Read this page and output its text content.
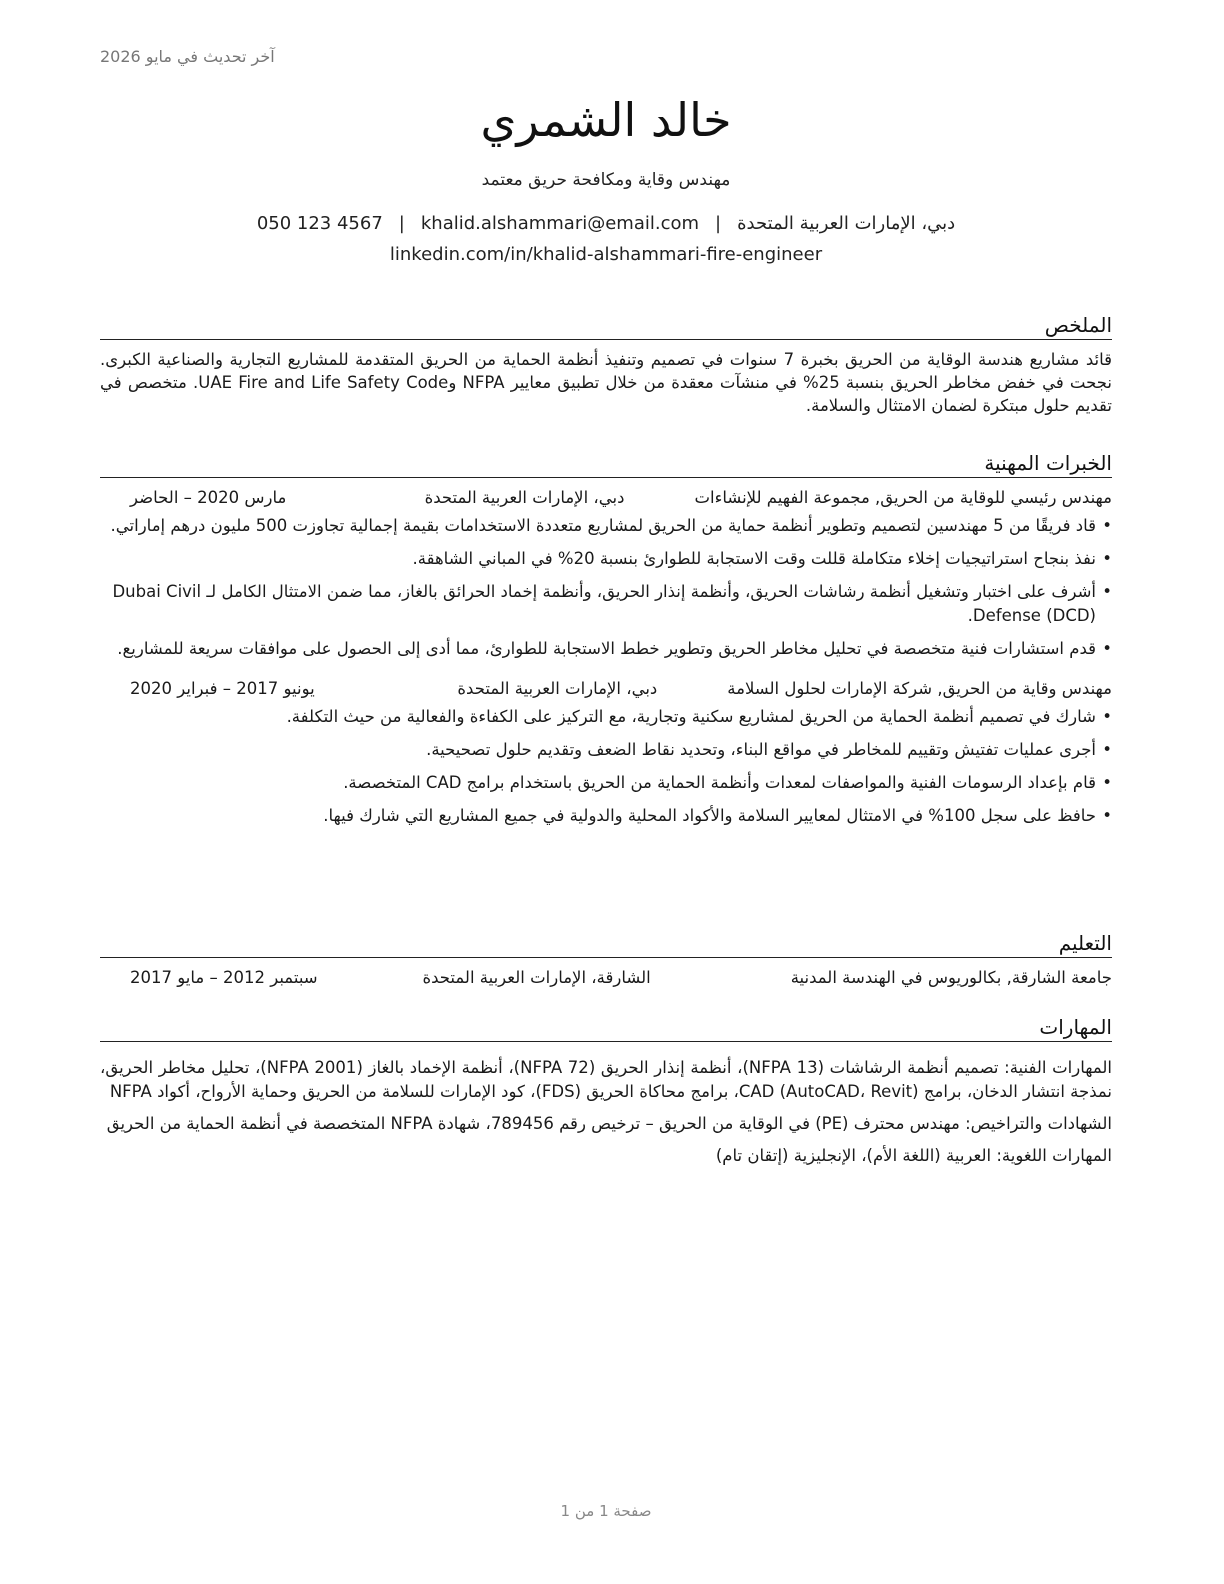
آخر تحديث في مايو 2026
خالد الشمري
مهندس وقاية ومكافحة حريق معتمد
دبي، الإمارات العربية المتحدة|khalid.alshammari@email.com|050 123 4567
linkedin.com/in/khalid-alshammari-fire-engineer
الملخص

قائد مشاريع هندسة الوقاية من الحريق بخبرة 7 سنوات في تصميم وتنفيذ أنظمة الحماية من الحريق المتقدمة للمشاريع التجارية والصناعية الكبرى. نجحت في خفض مخاطر الحريق بنسبة 25% في منشآت معقدة من خلال تطبيق معايير NFPA وUAE Fire and Life Safety Code. متخصص في تقديم حلول مبتكرة لضمان الامتثال والسلامة.

الخبرات المهنية
مهندس رئيسي للوقاية من الحريق, مجموعة الفهيم للإنشاءات
دبي، الإمارات العربية المتحدة
مارس 2020 – الحاضر
•
قاد فريقًا من 5 مهندسين لتصميم وتطوير أنظمة حماية من الحريق لمشاريع متعددة الاستخدامات بقيمة إجمالية تجاوزت 500 مليون درهم إماراتي.
•
نفذ بنجاح استراتيجيات إخلاء متكاملة قللت وقت الاستجابة للطوارئ بنسبة 20% في المباني الشاهقة.
•
أشرف على اختبار وتشغيل أنظمة رشاشات الحريق، وأنظمة إنذار الحريق، وأنظمة إخماد الحرائق بالغاز، مما ضمن الامتثال الكامل لـ Dubai Civil Defense (DCD).
•
قدم استشارات فنية متخصصة في تحليل مخاطر الحريق وتطوير خطط الاستجابة للطوارئ، مما أدى إلى الحصول على موافقات سريعة للمشاريع.
مهندس وقاية من الحريق, شركة الإمارات لحلول السلامة
دبي، الإمارات العربية المتحدة
يونيو 2017 – فبراير 2020
•
شارك في تصميم أنظمة الحماية من الحريق لمشاريع سكنية وتجارية، مع التركيز على الكفاءة والفعالية من حيث التكلفة.
•
أجرى عمليات تفتيش وتقييم للمخاطر في مواقع البناء، وتحديد نقاط الضعف وتقديم حلول تصحيحية.
•
قام بإعداد الرسومات الفنية والمواصفات لمعدات وأنظمة الحماية من الحريق باستخدام برامج CAD المتخصصة.
•
حافظ على سجل 100% في الامتثال لمعايير السلامة والأكواد المحلية والدولية في جميع المشاريع التي شارك فيها.
التعليم
جامعة الشارقة, بكالوريوس في الهندسة المدنية
الشارقة، الإمارات العربية المتحدة
سبتمبر 2012 – مايو 2017
المهارات
المهارات الفنية: تصميم أنظمة الرشاشات (NFPA 13)، أنظمة إنذار الحريق (NFPA 72)، أنظمة الإخماد بالغاز (NFPA 2001)، تحليل مخاطر الحريق، نمذجة انتشار الدخان، برامج CAD (AutoCAD، Revit)، برامج محاكاة الحريق (FDS)، كود الإمارات للسلامة من الحريق وحماية الأرواح، أكواد NFPA
الشهادات والتراخيص: مهندس محترف (PE) في الوقاية من الحريق – ترخيص رقم 789456، شهادة NFPA المتخصصة في أنظمة الحماية من الحريق
المهارات اللغوية: العربية (اللغة الأم)، الإنجليزية (إتقان تام)
صفحة 1 من 1
